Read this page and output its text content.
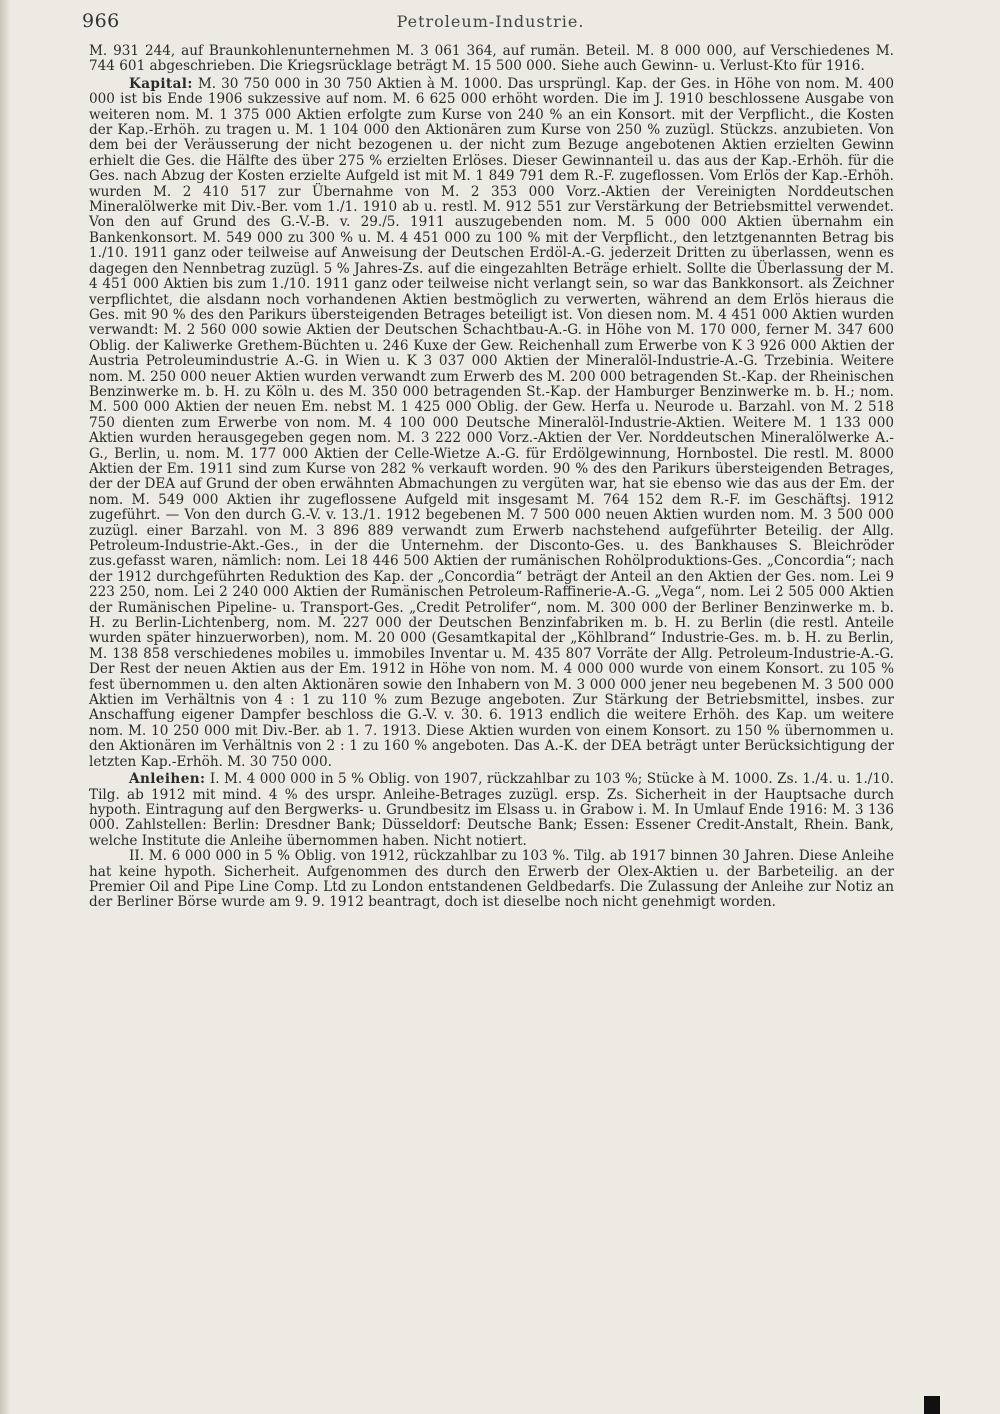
966	Petroleum-Industrie.

M. 931 244, auf Braunkohlenunternehmen M. 3 061 364, auf rumän. Beteil. M. 8 000 000, auf Verschiedenes M. 744 601 abgeschrieben. Die Kriegsrücklage beträgt M. 15 500 000. Siehe auch Gewinn- u. Verlust-Kto für 1916.

Kapital: M. 30 750 000 in 30 750 Aktien à M. 1000. Das ursprüngl. Kap. der Ges. in Höhe von nom. M. 400 000 ist bis Ende 1906 sukzessive auf nom. M. 6 625 000 erhöht worden. Die im J. 1910 beschlossene Ausgabe von weiteren nom. M. 1 375 000 Aktien erfolgte zum Kurse von 240 % an ein Konsort. mit der Verpflicht., die Kosten der Kap.-Erhöh. zu tragen u. M. 1 104 000 den Aktionären zum Kurse von 250 % zuzügl. Stückzs. anzubieten. Von dem bei der Veräusserung der nicht bezogenen u. der nicht zum Bezuge angebotenen Aktien erzielten Gewinn erhielt die Ges. die Hälfte des über 275 % erzielten Erlöses. Dieser Gewinnanteil u. das aus der Kap.-Erhöh. für die Ges. nach Abzug der Kosten erzielte Aufgeld ist mit M. 1 849 791 dem R.-F. zugeflossen. Vom Erlös der Kap.-Erhöh. wurden M. 2 410 517 zur Übernahme von M. 2 353 000 Vorz.-Aktien der Vereinigten Norddeutschen Mineralölwerke mit Div.-Ber. vom 1./1. 1910 ab u. restl. M. 912 551 zur Verstärkung der Betriebsmittel verwendet. Von den auf Grund des G.-V.-B. v. 29./5. 1911 auszugebenden nom. M. 5 000 000 Aktien übernahm ein Bankenkonsort. M. 549 000 zu 300 % u. M. 4 451 000 zu 100 % mit der Verpflicht., den letztgenannten Betrag bis 1./10. 1911 ganz oder teilweise auf Anweisung der Deutschen Erdöl-A.-G. jederzeit Dritten zu überlassen, wenn es dagegen den Nennbetrag zuzügl. 5 % Jahres-Zs. auf die eingezahlten Beträge erhielt. Sollte die Überlassung der M. 4 451 000 Aktien bis zum 1./10. 1911 ganz oder teilweise nicht verlangt sein, so war das Bankkonsort. als Zeichner verpflichtet, die alsdann noch vorhandenen Aktien bestmöglich zu verwerten, während an dem Erlös hieraus die Ges. mit 90 % des den Parikurs übersteigenden Betrages beteiligt ist. Von diesen nom. M. 4 451 000 Aktien wurden verwandt: M. 2 560 000 sowie Aktien der Deutschen Schachtbau-A.-G. in Höhe von M. 170 000, ferner M. 347 600 Oblig. der Kaliwerke Grethem-Büchten u. 246 Kuxe der Gew. Reichenhall zum Erwerbe von K 3 926 000 Aktien der Austria Petroleumindustrie A.-G. in Wien u. K 3 037 000 Aktien der Mineralöl-Industrie-A.-G. Trzebinia. Weitere nom. M. 250 000 neuer Aktien wurden verwandt zum Erwerb des M. 200 000 betragenden St.-Kap. der Rheinischen Benzinwerke m. b. H. zu Köln u. des M. 350 000 betragenden St.-Kap. der Hamburger Benzinwerke m. b. H.; nom. M. 500 000 Aktien der neuen Em. nebst M. 1 425 000 Oblig. der Gew. Herfa u. Neurode u. Barzahl. von M. 2 518 750 dienten zum Erwerbe von nom. M. 4 100 000 Deutsche Mineralöl-Industrie-Aktien. Weitere M. 1 133 000 Aktien wurden herausgegeben gegen nom. M. 3 222 000 Vorz.-Aktien der Ver. Norddeutschen Mineralölwerke A.-G., Berlin, u. nom. M. 177 000 Aktien der Celle-Wietze A.-G. für Erdölgewinnung, Hornbostel. Die restl. M. 8000 Aktien der Em. 1911 sind zum Kurse von 282 % verkauft worden. 90 % des den Parikurs übersteigenden Betrages, der der DEA auf Grund der oben erwähnten Abmachungen zu vergüten war, hat sie ebenso wie das aus der Em. der nom. M. 549 000 Aktien ihr zugeflossene Aufgeld mit insgesamt M. 764 152 dem R.-F. im Geschäftsj. 1912 zugeführt. — Von den durch G.-V. v. 13./1. 1912 begebenen M. 7 500 000 neuen Aktien wurden nom. M. 3 500 000 zuzügl. einer Barzahl. von M. 3 896 889 verwandt zum Erwerb nachstehend aufgeführter Beteilig. der Allg. Petroleum-Industrie-Akt.-Ges., in der die Unternehm. der Disconto-Ges. u. des Bankhauses S. Bleichröder zus.gefasst waren, nämlich: nom. Lei 18 446 500 Aktien der rumänischen Rohölproduktions-Ges. „Concordia“; nach der 1912 durchgeführten Reduktion des Kap. der „Concordia“ beträgt der Anteil an den Aktien der Ges. nom. Lei 9 223 250, nom. Lei 2 240 000 Aktien der Rumänischen Petroleum-Raffinerie-A.-G. „Vega“, nom. Lei 2 505 000 Aktien der Rumänischen Pipeline- u. Transport-Ges. „Credit Petrolifer“, nom. M. 300 000 der Berliner Benzinwerke m. b. H. zu Berlin-Lichtenberg, nom. M. 227 000 der Deutschen Benzinfabriken m. b. H. zu Berlin (die restl. Anteile wurden später hinzuerworben), nom. M. 20 000 (Gesamtkapital der „Köhlbrand“ Industrie-Ges. m. b. H. zu Berlin, M. 138 858 verschiedenes mobiles u. immobiles Inventar u. M. 435 807 Vorräte der Allg. Petroleum-Industrie-A.-G. Der Rest der neuen Aktien aus der Em. 1912 in Höhe von nom. M. 4 000 000 wurde von einem Konsort. zu 105 % fest übernommen u. den alten Aktionären sowie den Inhabern von M. 3 000 000 jener neu begebenen M. 3 500 000 Aktien im Verhältnis von 4 : 1 zu 110 % zum Bezuge angeboten. Zur Stärkung der Betriebsmittel, insbes. zur Anschaffung eigener Dampfer beschloss die G.-V. v. 30. 6. 1913 endlich die weitere Erhöh. des Kap. um weitere nom. M. 10 250 000 mit Div.-Ber. ab 1. 7. 1913. Diese Aktien wurden von einem Konsort. zu 150 % übernommen u. den Aktionären im Verhältnis von 2 : 1 zu 160 % angeboten. Das A.-K. der DEA beträgt unter Berücksichtigung der letzten Kap.-Erhöh. M. 30 750 000.

Anleihen: I. M. 4 000 000 in 5 % Oblig. von 1907, rückzahlbar zu 103 %; Stücke à M. 1000. Zs. 1./4. u. 1./10. Tilg. ab 1912 mit mind. 4 % des urspr. Anleihe-Betrages zuzügl. ersp. Zs. Sicherheit in der Hauptsache durch hypoth. Eintragung auf den Bergwerks- u. Grundbesitz im Elsass u. in Grabow i. M. In Umlauf Ende 1916: M. 3 136 000. Zahlstellen: Berlin: Dresdner Bank; Düsseldorf: Deutsche Bank; Essen: Essener Credit-Anstalt, Rhein. Bank, welche Institute die Anleihe übernommen haben. Nicht notiert.

II. M. 6 000 000 in 5 % Oblig. von 1912, rückzahlbar zu 103 %. Tilg. ab 1917 binnen 30 Jahren. Diese Anleihe hat keine hypoth. Sicherheit. Aufgenommen des durch den Erwerb der Olex-Aktien u. der Barbeteilig. an der Premier Oil and Pipe Line Comp. Ltd zu London entstandenen Geldbedarfs. Die Zulassung der Anleihe zur Notiz an der Berliner Börse wurde am 9. 9. 1912 beantragt, doch ist dieselbe noch nicht genehmigt worden.
